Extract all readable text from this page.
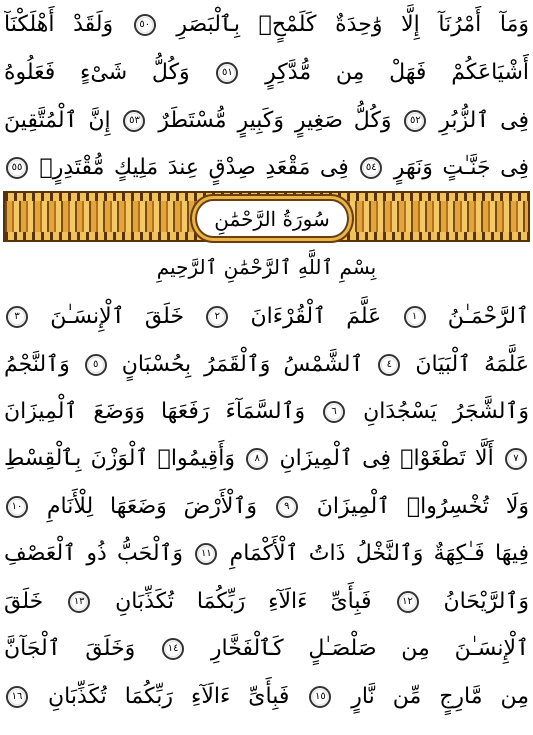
وَمَآ أَمْرُنَآ إِلَّا وَٰحِدَةٌ كَلَمْحٍۭ بِٱلْبَصَرِ ٥٠ وَلَقَدْ أَهْلَكْنَآ
أَشْيَاعَكُمْ فَهَلْ مِن مُّدَّكِرٍ ٥١ وَكُلُّ شَىْءٍ فَعَلُوهُ
فِى ٱلزُّبُرِ ٥٢ وَكُلُّ صَغِيرٍ وَكَبِيرٍ مُّسْتَطَرٌ ٥٣ إِنَّ ٱلْمُتَّقِينَ
فِى جَنَّـٰتٍ وَنَهَرٍ ٥٤ فِى مَقْعَدِ صِدْقٍ عِندَ مَلِيكٍ مُّقْتَدِرٍۭ ٥٥
ٱلرَّحْمَـٰنُ ١ عَلَّمَ ٱلْقُرْءَانَ ٢ خَلَقَ ٱلْإِنسَـٰنَ ٣
عَلَّمَهُ ٱلْبَيَانَ ٤ ٱلشَّمْسُ وَٱلْقَمَرُ بِحُسْبَانٍ ٥ وَٱلنَّجْمُ
وَٱلشَّجَرُ يَسْجُدَانِ ٦ وَٱلسَّمَآءَ رَفَعَهَا وَوَضَعَ ٱلْمِيزَانَ
٧ أَلَّا تَطْغَوْا۟ فِى ٱلْمِيزَانِ ٨ وَأَقِيمُوا۟ ٱلْوَزْنَ بِٱلْقِسْطِ
وَلَا تُخْسِرُوا۟ ٱلْمِيزَانَ ٩ وَٱلْأَرْضَ وَضَعَهَا لِلْأَنَامِ ١٠
فِيهَا فَـٰكِهَةٌ وَٱلنَّخْلُ ذَاتُ ٱلْأَكْمَامِ ١١ وَٱلْحَبُّ ذُو ٱلْعَصْفِ
وَٱلرَّيْحَانُ ١٢ فَبِأَىِّ ءَالَآءِ رَبِّكُمَا تُكَذِّبَانِ ١٣ خَلَقَ
ٱلْإِنسَـٰنَ مِن صَلْصَـٰلٍ كَٱلْفَخَّارِ ١٤ وَخَلَقَ ٱلْجَآنَّ
مِن مَّارِجٍ مِّن نَّارٍ ١٥ فَبِأَىِّ ءَالَآءِ رَبِّكُمَا تُكَذِّبَانِ ١٦
سُورَةُ الرَّحْمَٰنِ
بِسْمِ ٱللَّهِ ٱلرَّحْمَٰنِ ٱلرَّحِيمِ
